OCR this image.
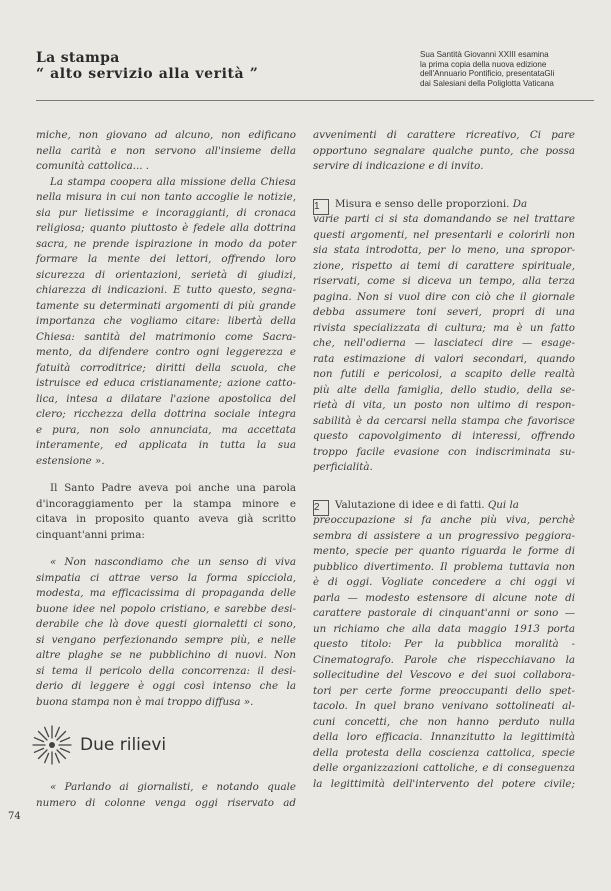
La stampa
“ alto servizio alla verità ”
Sua Santità Giovanni XXIII esamina
la prima copia della nuova edizione
dell'Annuario Pontificio, presentataGli
dai Salesiani della Poliglotta Vaticana
miche, non giovano ad alcuno, non edificano
nella carità e non servono all'insieme della
comunità cattolica... .
La stampa coopera alla missione della Chiesa
nella misura in cui non tanto accoglie le notizie,
sia pur lietissime e incoraggianti, di cronaca
religiosa; quanto piuttosto è fedele alla dottrina
sacra, ne prende ispirazione in modo da poter
formare la mente dei lettori, offrendo loro
sicurezza di orientazioni, serietà di giudizi,
chiarezza di indicazioni. E tutto questo, segna-
tamente su determinati argomenti di più grande
importanza che vogliamo citare: libertà della
Chiesa: santità del matrimonio come Sacra-
mento, da difendere contro ogni leggerezza e
fatuità corroditrice; diritti della scuola, che
istruisce ed educa cristianamente; azione catto-
lica, intesa a dilatare l'azione apostolica del
clero; ricchezza della dottrina sociale integra
e pura, non solo annunciata, ma accettata
interamente, ed applicata in tutta la sua
estensione ».
Il Santo Padre aveva poi anche una parola
d'incoraggiamento per la stampa minore e
citava in proposito quanto aveva già scritto
cinquant'anni prima:
« Non nascondiamo che un senso di viva
simpatia ci attrae verso la forma spicciola,
modesta, ma efficacissima di propaganda delle
buone idee nel popolo cristiano, e sarebbe desi-
derabile che là dove questi giornaletti ci sono,
si vengano perfezionando sempre più, e nelle
altre plaghe se ne pubblichino di nuovi. Non
si tema il pericolo della concorrenza: il desi-
derio di leggere è oggi così intenso che la
buona stampa non è mai troppo diffusa ».
Due rilievi
« Parlando ai giornalisti, e notando quale
numero di colonne venga oggi riservato ad
74
avvenimenti di carattere ricreativo, Ci pare
opportuno segnalare qualche punto, che possa
servire di indicazione e di invito.
1 Misura e senso delle proporzioni. Da
varie parti ci si sta domandando se nel trattare
questi argomenti, nel presentarli e colorirli non
sia stata introdotta, per lo meno, una spropor-
zione, rispetto ai temi di carattere spirituale,
riservati, come si diceva un tempo, alla terza
pagina. Non si vuol dire con ciò che il giornale
debba assumere toni severi, propri di una
rivista specializzata di cultura; ma è un fatto
che, nell'odierna — lasciateci dire — esage-
rata estimazione di valori secondari, quando
non futili e pericolosi, a scapito delle realtà
più alte della famiglia, dello studio, della se-
rietà di vita, un posto non ultimo di respon-
sabilità è da cercarsi nella stampa che favorisce
questo capovolgimento di interessi, offrendo
troppo facile evasione con indiscriminata su-
perficialità.
2 Valutazione di idee e di fatti. Qui la
preoccupazione si fa anche più viva, perchè
sembra di assistere a un progressivo peggiora-
mento, specie per quanto riguarda le forme di
pubblico divertimento. Il problema tuttavia non
è di oggi. Vogliate concedere a chi oggi vi
parla — modesto estensore di alcune note di
carattere pastorale di cinquant'anni or sono —
un richiamo che alla data maggio 1913 porta
questo titolo: Per la pubblica moralità -
Cinematografo. Parole che rispecchiavano la
sollecitudine del Vescovo e dei suoi collabora-
tori per certe forme preoccupanti dello spet-
tacolo. In quel brano venivano sottolineati al-
cuni concetti, che non hanno perduto nulla
della loro efficacia. Innanzitutto la legittimità
della protesta della coscienza cattolica, specie
delle organizzazioni cattoliche, e di conseguenza
la legittimità dell'intervento del potere civile;
